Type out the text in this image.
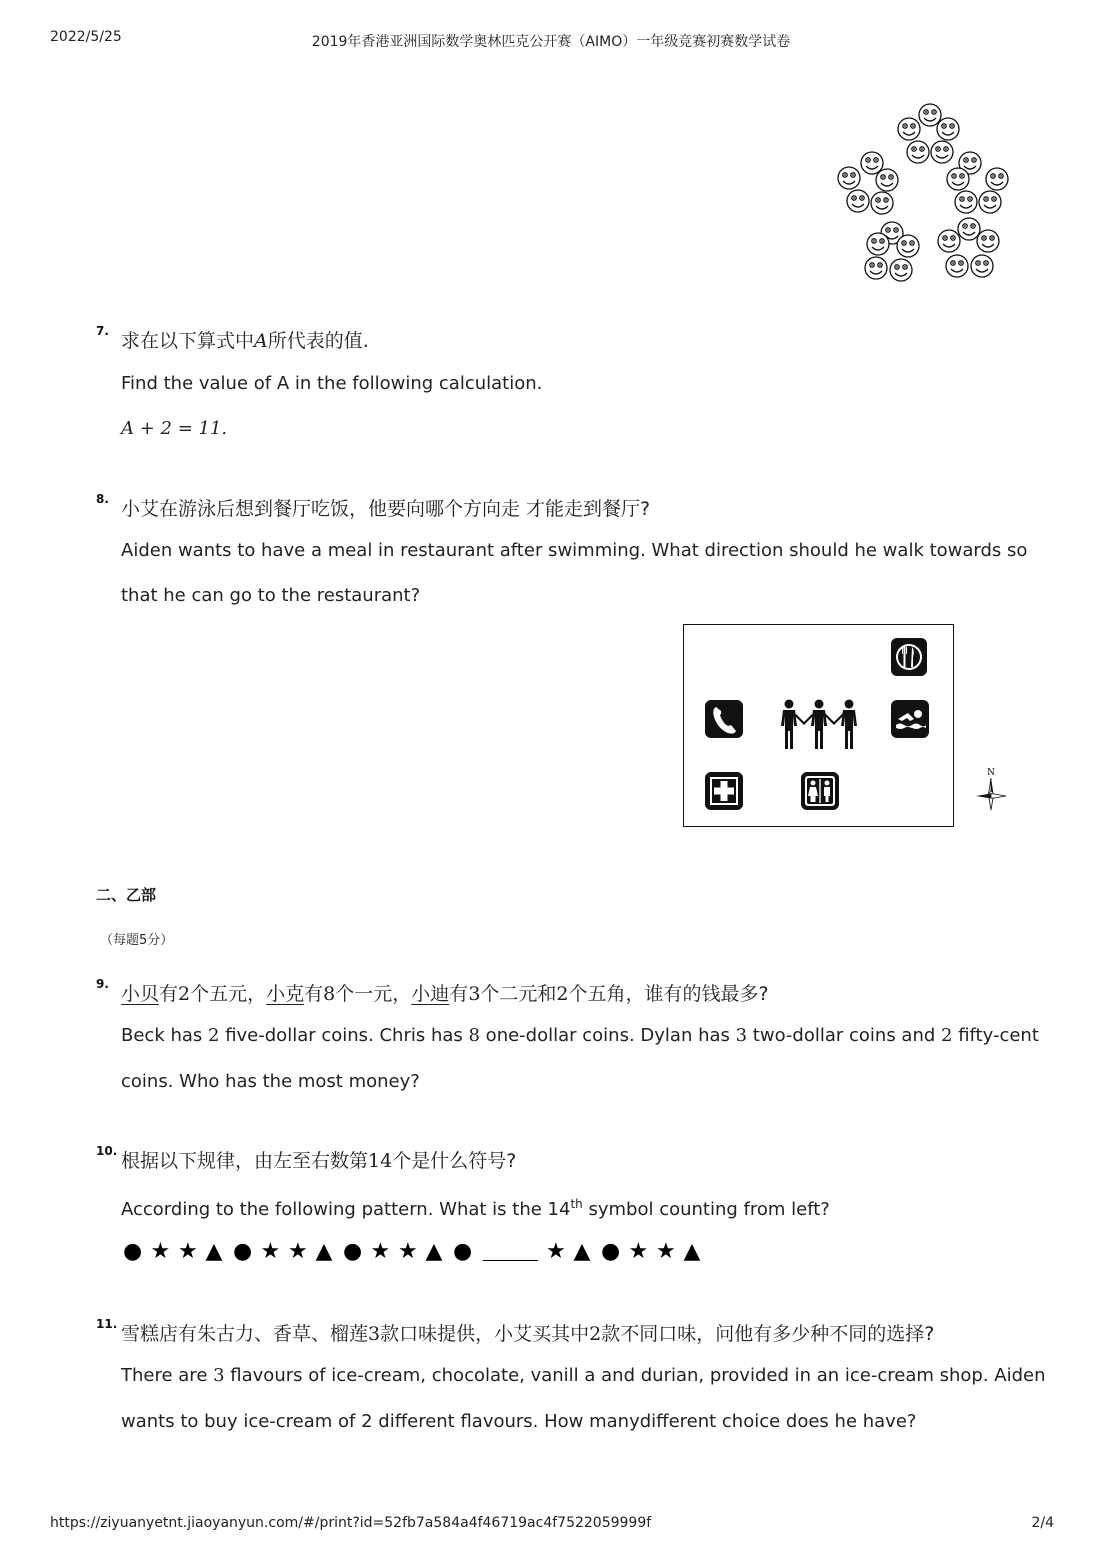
2022/5/25	2019年香港亚洲国际数学奥林匹克公开赛（AIMO）一年级竞赛初赛数学试卷
7. 求在以下算式中A所代表的值.
Find the value of A in the following calculation.
A + 2 = 11.
8. 小艾在游泳后想到餐厅吃饭，他要向哪个方向走 才能走到餐厅?
Aiden wants to have a meal in restaurant after swimming. What direction should he walk towards so
that he can go to the restaurant?
N
二、乙部
（每题5分）
9. 小贝有2个五元，小克有8个一元，小迪有3个二元和2个五角，谁有的钱最多?
Beck has 2 five-dollar coins. Chris has 8 one-dollar coins. Dylan has 3 two-dollar coins and 2 fifty-cent
coins. Who has the most money?
10. 根据以下规律，由左至右数第14个是什么符号?
According to the following pattern. What is the 14th symbol counting from left?
● ★ ★ ▲ ● ★ ★ ▲ ● ★ ★ ▲ ●	★ ▲ ● ★ ★ ▲
11. 雪糕店有朱古力、香草、榴莲3款口味提供，小艾买其中2款不同口味，问他有多少种不同的选择?
There are 3 flavours of ice-cream, chocolate, vanill a and durian, provided in an ice-cream shop. Aiden
wants to buy ice-cream of 2 different flavours. How manydifferent choice does he have?
https://ziyuanyetnt.jiaoyanyun.com/#/print?id=52fb7a584a4f46719ac4f7522059999f	2/4
